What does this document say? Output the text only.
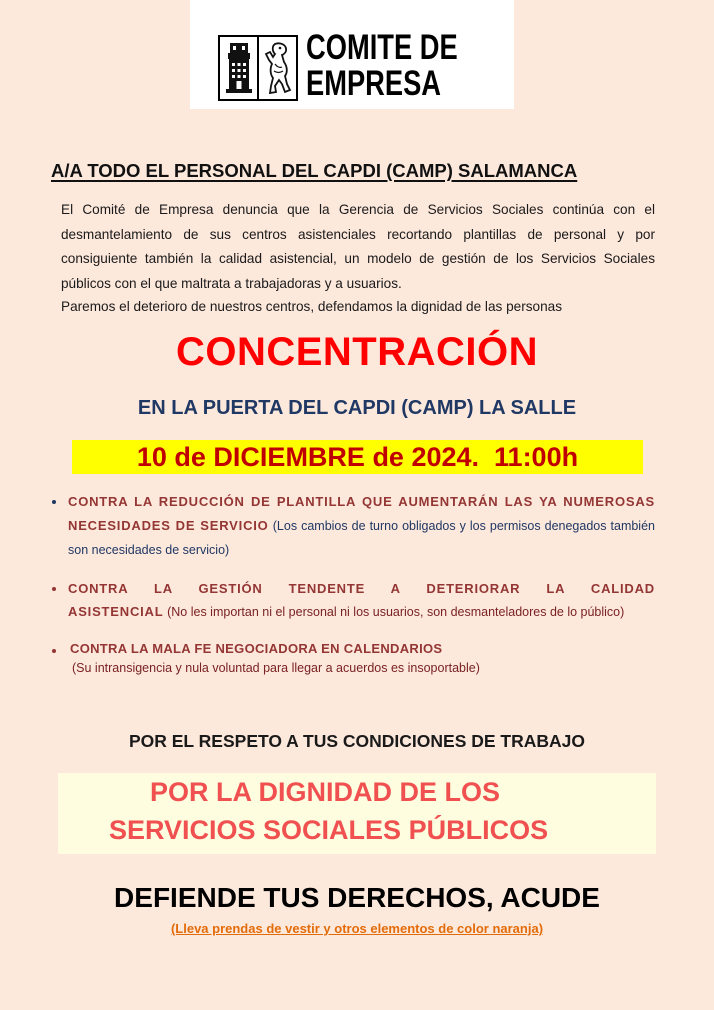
COMITE DE
EMPRESA
A/A TODO EL PERSONAL DEL CAPDI (CAMP) SALAMANCA

El Comité de Empresa denuncia que la Gerencia de Servicios Sociales continúa con el desmantelamiento de sus centros asistenciales recortando plantillas de personal y por consiguiente también la calidad asistencial, un modelo de gestión de los Servicios Sociales públicos con el que maltrata a trabajadoras y a usuarios.

Paremos el deterioro de nuestros centros, defendamos la dignidad de las personas

CONCENTRACIÓN
EN LA PUERTA DEL CAPDI (CAMP) LA SALLE
10 de DICIEMBRE de 2024.  11:00h
CONTRA LA REDUCCIÓN DE PLANTILLA QUE AUMENTARÁN LAS YA NUMEROSAS NECESIDADES DE SERVICIO (Los cambios de turno obligados y los permisos denegados también son necesidades de servicio)
CONTRA LA GESTIÓN TENDENTE A DETERIORAR LA CALIDAD ASISTENCIAL (No les importan ni el personal ni los usuarios, son desmanteladores de lo público)
CONTRA LA MALA FE NEGOCIADORA EN CALENDARIOS
(Su intransigencia y nula voluntad para llegar a acuerdos es insoportable)
POR EL RESPETO A TUS CONDICIONES DE TRABAJO
POR LA DIGNIDAD DE LOS
SERVICIOS SOCIALES PÚBLICOS
DEFIENDE TUS DERECHOS, ACUDE
(Lleva prendas de vestir y otros elementos de color naranja)
